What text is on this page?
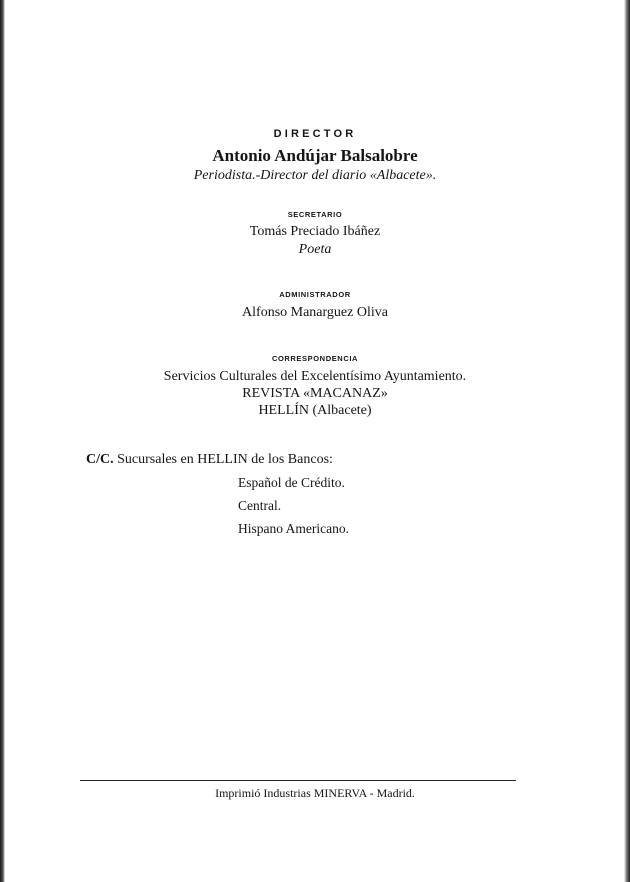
DIRECTOR
Antonio Andújar Balsalobre
Periodista.-Director del diario «Albacete».
SECRETARIO
Tomás Preciado Ibáñez
Poeta
ADMINISTRADOR
Alfonso Manarguez Oliva
CORRESPONDENCIA
Servicios Culturales del Excelentísimo Ayuntamiento.
REVISTA «MACANAZ»
HELLÍN (Albacete)
C/C. Sucursales en HELLIN de los Bancos:
Español de Crédito.
Central.
Hispano Americano.
Imprimió Industrias MINERVA - Madrid.
